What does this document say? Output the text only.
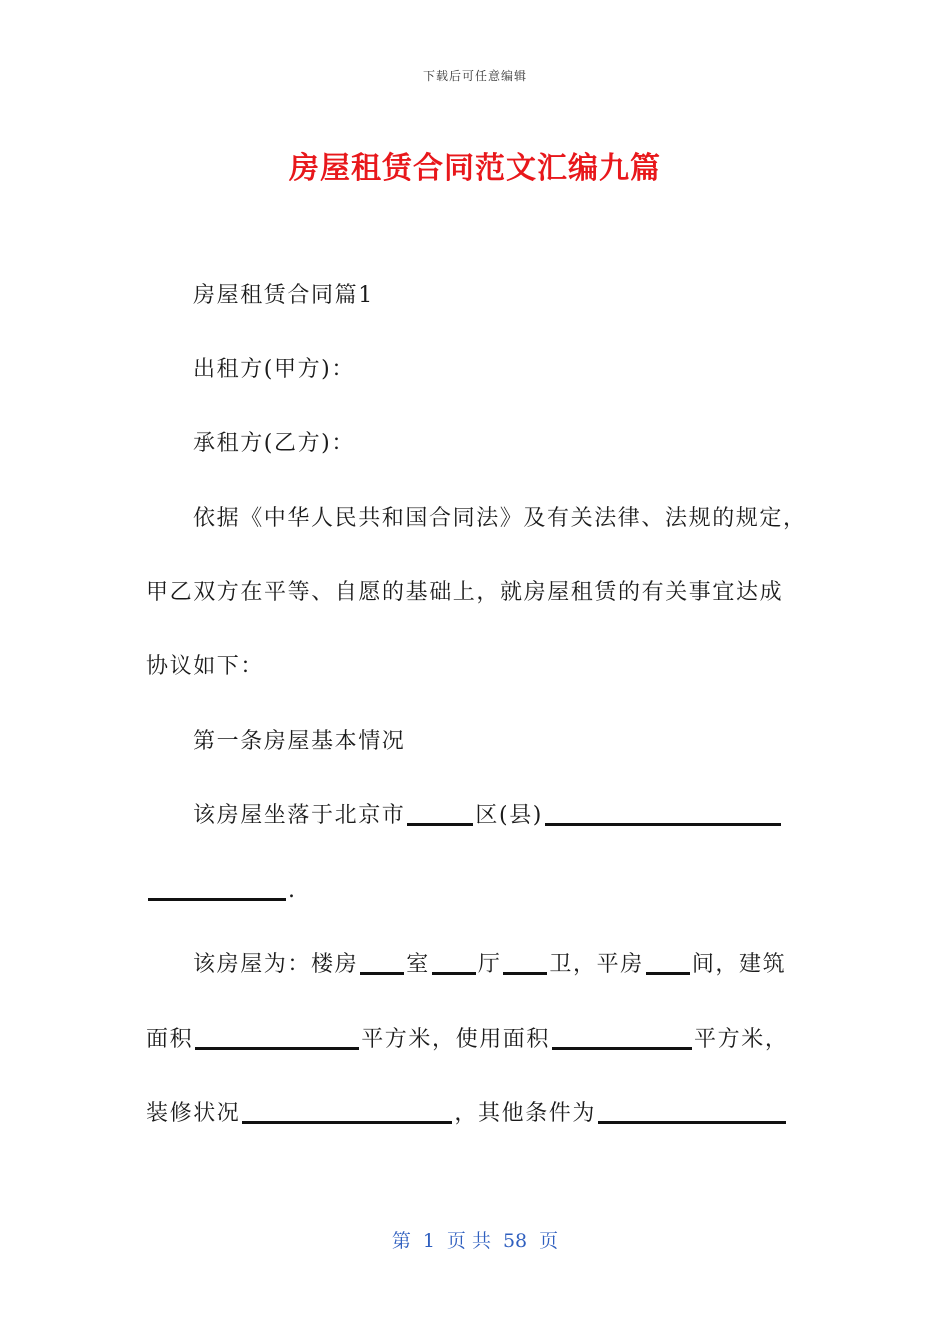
下载后可任意编辑
房屋租赁合同范文汇编九篇
房屋租赁合同篇1
出租方(甲方)：
承租方(乙方)：
依据《中华人民共和国合同法》及有关法律、法规的规定，
甲乙双方在平等、自愿的基础上，就房屋租赁的有关事宜达成
协议如下：
第一条房屋基本情况
该房屋坐落于北京市	区(县)
.
该房屋为：楼房 室 厅 卫，平房 间，建筑
面积	平方米，使用面积	平方米，
装修状况	，其他条件为
第 1 页 共 58 页
